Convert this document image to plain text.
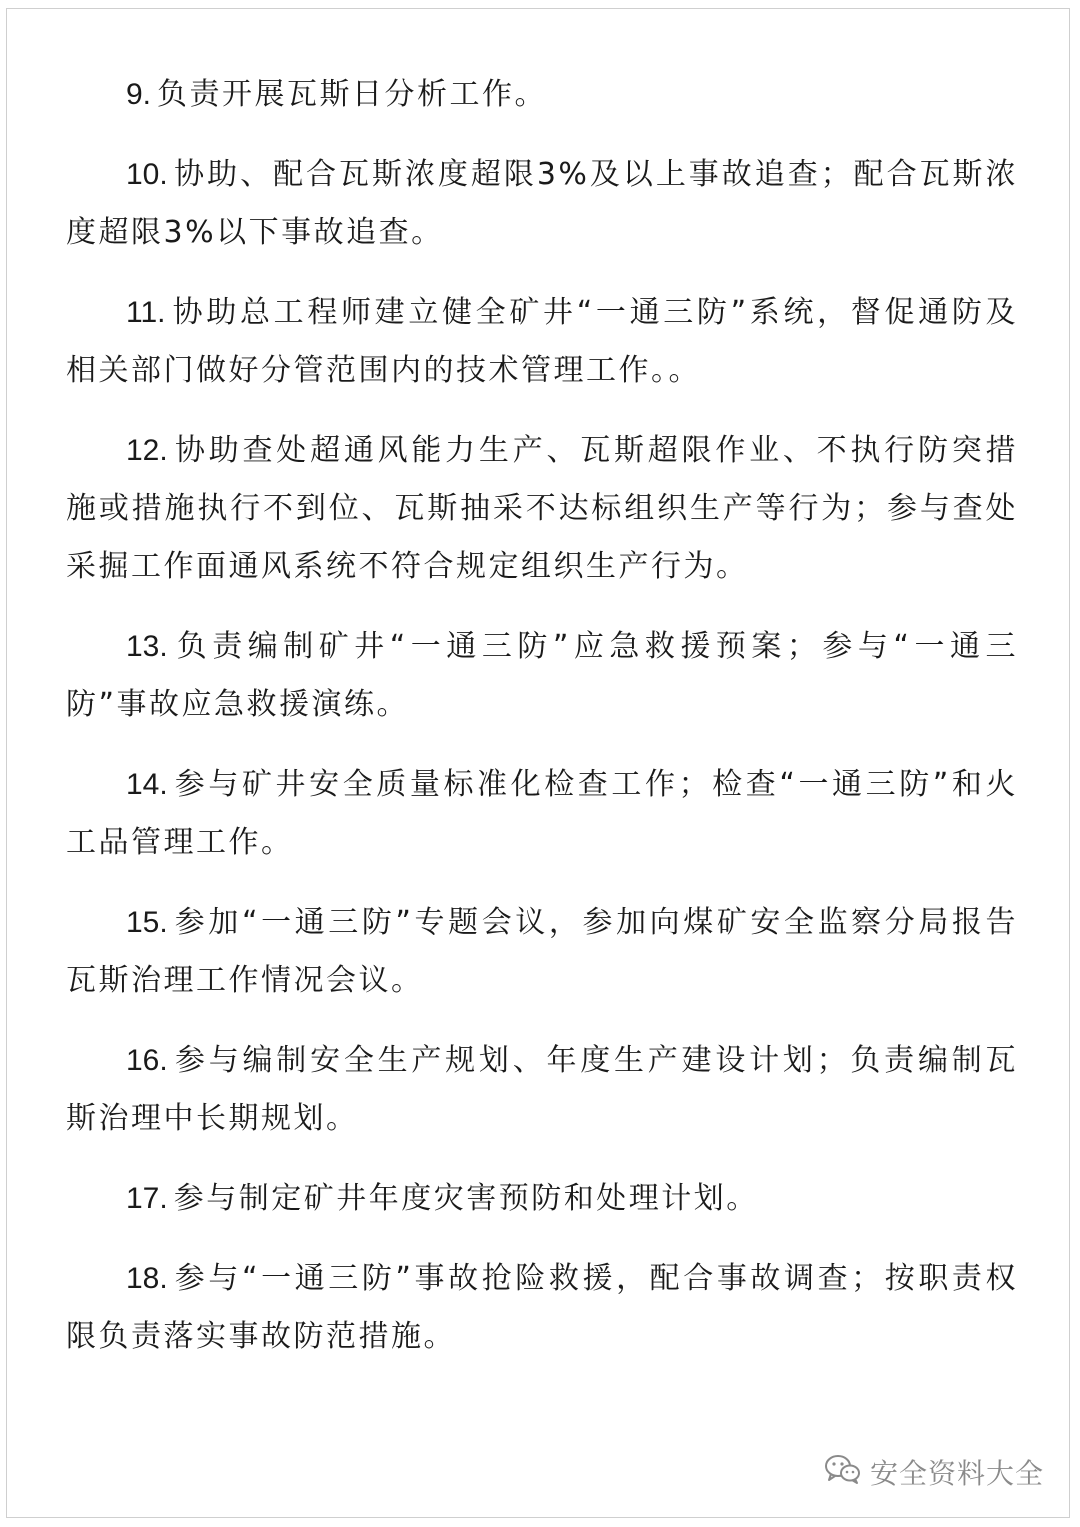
9. 负责开展瓦斯日分析工作。

10. 协助、配合瓦斯浓度超限3%及以上事故追查；配合瓦斯浓度超限3%以下事故追查。

11. 协助总工程师建立健全矿井“一通三防”系统，督促通防及相关部门做好分管范围内的技术管理工作。。

12. 协助查处超通风能力生产、瓦斯超限作业、不执行防突措施或措施执行不到位、瓦斯抽采不达标组织生产等行为；参与查处采掘工作面通风系统不符合规定组织生产行为。

13. 负责编制矿井“一通三防”应急救援预案；参与“一通三防”事故应急救援演练。

14. 参与矿井安全质量标准化检查工作；检查“一通三防”和火工品管理工作。

15. 参加“一通三防”专题会议，参加向煤矿安全监察分局报告瓦斯治理工作情况会议。

16. 参与编制安全生产规划、年度生产建设计划；负责编制瓦斯治理中长期规划。

17. 参与制定矿井年度灾害预防和处理计划。

18. 参与“一通三防”事故抢险救援，配合事故调查；按职责权限负责落实事故防范措施。

安全资料大全
